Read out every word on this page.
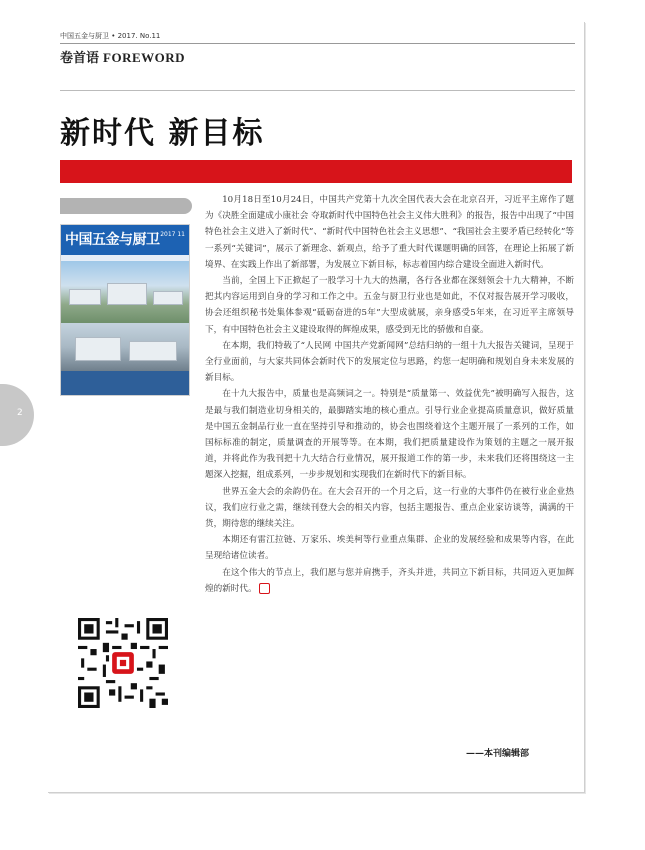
2
中国五金与厨卫 • 2017. No.11
卷首语 FOREWORD
新时代 新目标
中国五金与厨卫 2017 11

10月18日至10月24日，中国共产党第十九次全国代表大会在北京召开，习近平主席作了题为《决胜全面建成小康社会 夺取新时代中国特色社会主义伟大胜利》的报告，报告中出现了“中国特色社会主义进入了新时代”、“新时代中国特色社会主义思想”、“我国社会主要矛盾已经转化”等一系列“关键词”，展示了新理念、新观点，给予了重大时代课题明确的回答，在理论上拓展了新境界、在实践上作出了新部署，为发展立下新目标，标志着国内综合建设全面进入新时代。

当前，全国上下正掀起了一股学习十九大的热潮，各行各业都在深刻领会十九大精神，不断把其内容运用到自身的学习和工作之中。五金与厨卫行业也是如此，不仅对报告展开学习吸收，协会还组织秘书处集体参观“砥砺奋进的5年”大型成就展，亲身感受5年来，在习近平主席领导下，有中国特色社会主义建设取得的辉煌成果，感受到无比的骄傲和自豪。

在本期，我们特载了“人民网 中国共产党新闻网”总结归纳的一组十九大报告关键词，呈现于全行业面前，与大家共同体会新时代下的发展定位与思路，约您一起明确和规划自身未来发展的新目标。

在十九大报告中，质量也是高频词之一。特别是“质量第一、效益优先”被明确写入报告，这是最与我们制造业切身相关的，最脚踏实地的核心重点。引导行业企业提高质量意识，做好质量是中国五金制品行业一直在坚持引导和推动的，协会也围绕着这个主题开展了一系列的工作，如国标标准的制定，质量调查的开展等等。在本期，我们把质量建设作为策划的主题之一展开报道，并将此作为我刊把十九大结合行业情况，展开报道工作的第一步，未来我们还将围绕这一主题深入挖掘，组成系列，一步步规划和实现我们在新时代下的新目标。

世界五金大会的余韵仍在。在大会召开的一个月之后，这一行业的大事件仍在被行业企业热议，我们应行业之需，继续刊登大会的相关内容，包括主题报告、重点企业家访谈等，满满的干货，期待您的继续关注。

本期还有雷江拉链、万家乐、埃美柯等行业重点集群、企业的发展经验和成果等内容，在此呈现给诸位读者。

在这个伟大的节点上，我们愿与您并肩携手，齐头并进，共同立下新目标，共同迈入更加辉煌的新时代。

——本刊编辑部
